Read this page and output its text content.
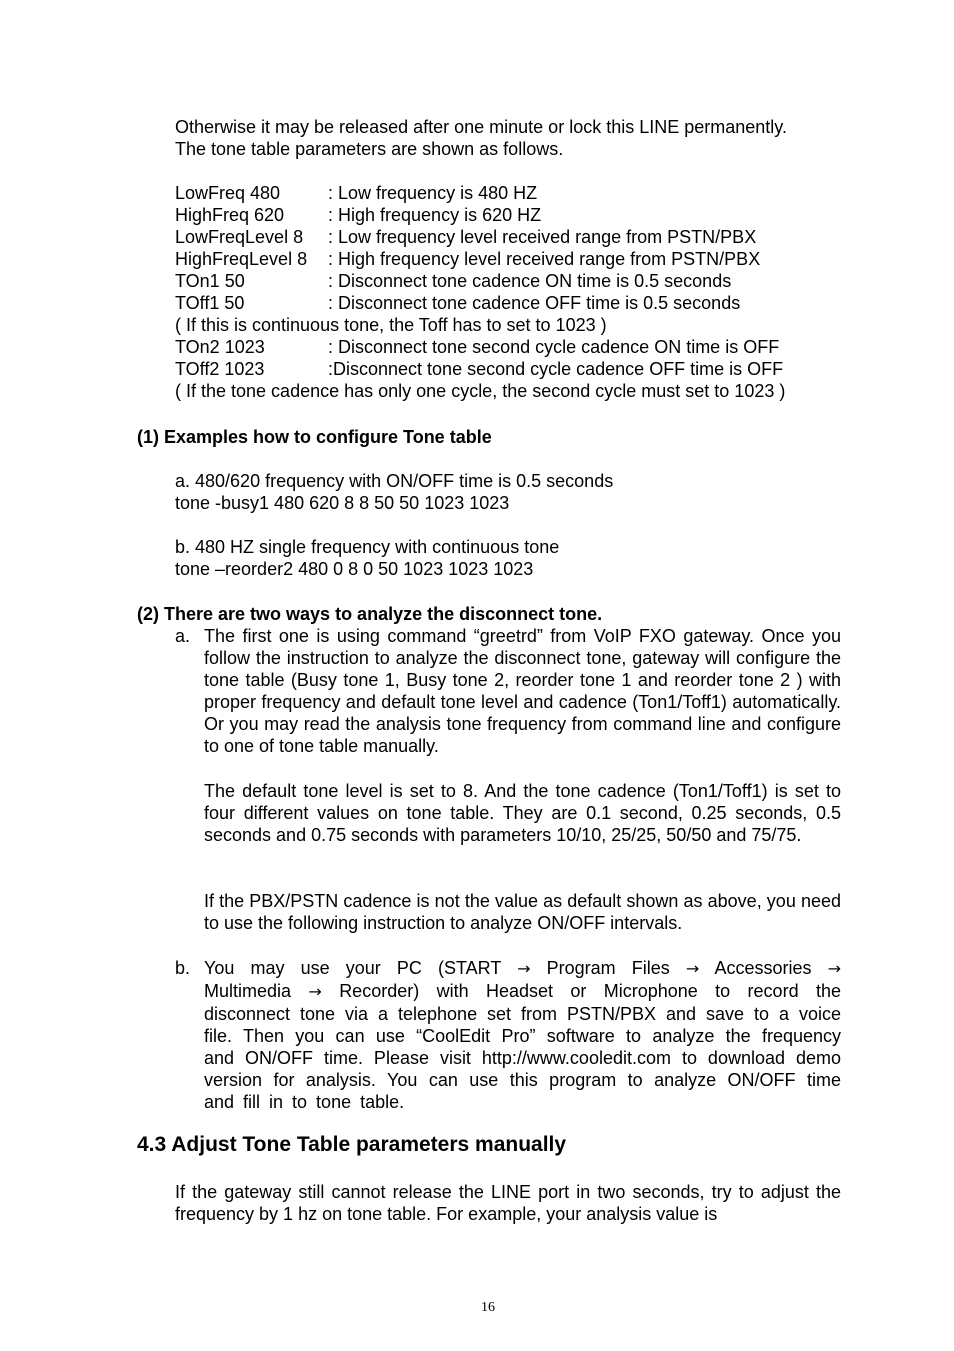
Otherwise it may be released after one minute or lock this LINE permanently.
The tone table parameters are shown as follows.
LowFreq 480	: Low frequency is 480 HZ
HighFreq 620 : High frequency is 620 HZ
LowFreqLevel 8 : Low frequency level received range from PSTN/PBX
HighFreqLevel 8 : High frequency level received range from PSTN/PBX
TOn1 50	: Disconnect tone cadence ON time is 0.5 seconds
TOff1 50	: Disconnect tone cadence OFF time is 0.5 seconds
( If this is continuous tone, the Toff has to set to 1023 )
TOn2 1023	: Disconnect tone second cycle cadence ON time is OFF
TOff2 1023	:Disconnect tone second cycle cadence OFF time is OFF
( If the tone cadence has only one cycle, the second cycle must set to 1023 )
(1) Examples how to configure Tone table
a. 480/620 frequency with ON/OFF time is 0.5 seconds
tone -busy1 480 620 8 8 50 50 1023 1023
b. 480 HZ single frequency with continuous tone
tone –reorder2 480 0 8 0 50 1023 1023 1023
(2) There are two ways to analyze the disconnect tone.
a. The first one is using command “greetrd” from VoIP FXO gateway. Once you follow the instruction to analyze the disconnect tone, gateway will configure the tone table (Busy tone 1, Busy tone 2, reorder tone 1 and reorder tone 2 ) with proper frequency and default tone level and cadence (Ton1/Toff1) automatically. Or you may read the analysis tone frequency from command line and configure to one of tone table manually.
The default tone level is set to 8. And the tone cadence (Ton1/Toff1) is set to four different values on tone table. They are 0.1 second, 0.25 seconds, 0.5 seconds and 0.75 seconds with parameters 10/10, 25/25, 50/50 and 75/75.
If the PBX/PSTN cadence is not the value as default shown as above, you need to use the following instruction to analyze ON/OFF intervals.
b. You may use your PC (START → Program Files → Accessories → Multimedia → Recorder) with Headset or Microphone to record the disconnect tone via a telephone set from PSTN/PBX and save to a voice file. Then you can use “CoolEdit Pro” software to analyze the frequency and ON/OFF time. Please visit http://www.cooledit.com to download demo version for analysis. You can use this program to analyze ON/OFF time and fill in to tone table.
4.3 Adjust Tone Table parameters manually
If the gateway still cannot release the LINE port in two seconds, try to adjust the frequency by 1 hz on tone table. For example, your analysis value is
16
